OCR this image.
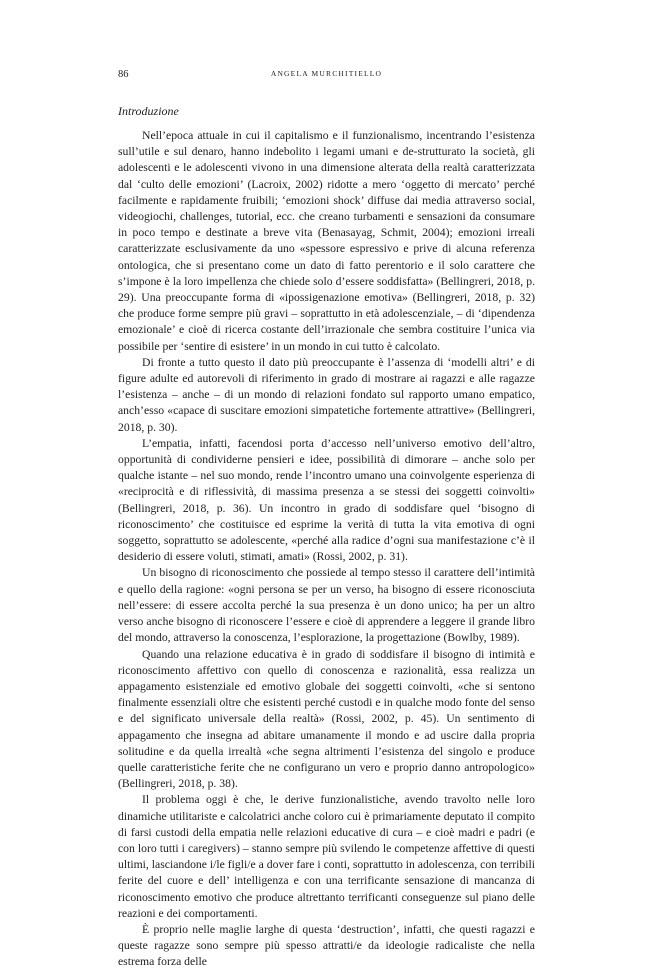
86	ANGELA MURCHITIELLO
Introduzione

Nell’epoca attuale in cui il capitalismo e il funzionalismo, incentrando l’esistenza sull’utile e sul denaro, hanno indebolito i legami umani e de-strutturato la società, gli adolescenti e le adolescenti vivono in una dimensione alterata della realtà caratterizzata dal ‘culto delle emozioni’ (Lacroix, 2002) ridotte a mero ‘oggetto di mercato’ perché facilmente e rapidamente fruibili; ‘emozioni shock’ diffuse dai media attraverso social, videogiochi, challenges, tutorial, ecc. che creano turbamenti e sensazioni da consumare in poco tempo e destinate a breve vita (Benasayag, Schmit, 2004); emozioni irreali caratterizzate esclusivamente da uno «spessore espressivo e prive di alcuna referenza ontologica, che si presentano come un dato di fatto perentorio e il solo carattere che s’impone è la loro impellenza che chiede solo d’essere soddisfatta» (Bellingreri, 2018, p. 29). Una preoccupante forma di «ipossigenazione emotiva» (Bellingreri, 2018, p. 32) che produce forme sempre più gravi – soprattutto in età adolescenziale, – di ‘dipendenza emozionale’ e cioè di ricerca costante dell’irrazionale che sembra costituire l’unica via possibile per ‘sentire di esistere’ in un mondo in cui tutto è calcolato.

Di fronte a tutto questo il dato più preoccupante è l’assenza di ‘modelli altri’ e di figure adulte ed autorevoli di riferimento in grado di mostrare ai ragazzi e alle ragazze l’esistenza – anche – di un mondo di relazioni fondato sul rapporto umano empatico, anch’esso «capace di suscitare emozioni simpatetiche fortemente attrattive» (Bellingreri, 2018, p. 30).

L’empatia, infatti, facendosi porta d’accesso nell’universo emotivo dell’altro, opportunità di condividerne pensieri e idee, possibilità di dimorare – anche solo per qualche istante – nel suo mondo, rende l’incontro umano una coinvolgente esperienza di «reciprocità e di riflessività, di massima presenza a se stessi dei soggetti coinvolti» (Bellingreri, 2018, p. 36). Un incontro in grado di soddisfare quel ‘bisogno di riconoscimento’ che costituisce ed esprime la verità di tutta la vita emotiva di ogni soggetto, soprattutto se adolescente, «perché alla radice d’ogni sua manifestazione c’è il desiderio di essere voluti, stimati, amati» (Rossi, 2002, p. 31).

Un bisogno di riconoscimento che possiede al tempo stesso il carattere dell’intimità e quello della ragione: «ogni persona se per un verso, ha bisogno di essere riconosciuta nell’essere: di essere accolta perché la sua presenza è un dono unico; ha per un altro verso anche bisogno di riconoscere l’essere e cioè di apprendere a leggere il grande libro del mondo, attraverso la conoscenza, l’esplorazione, la progettazione (Bowlby, 1989).

Quando una relazione educativa è in grado di soddisfare il bisogno di intimità e riconoscimento affettivo con quello di conoscenza e razionalità, essa realizza un appagamento esistenziale ed emotivo globale dei soggetti coinvolti, «che si sentono finalmente essenziali oltre che esistenti perché custodi e in qualche modo fonte del senso e del significato universale della realtà» (Rossi, 2002, p. 45). Un sentimento di appagamento che insegna ad abitare umanamente il mondo e ad uscire dalla propria solitudine e da quella irrealtà «che segna altrimenti l’esistenza del singolo e produce quelle caratteristiche ferite che ne configurano un vero e proprio danno antropologico» (Bellingreri, 2018, p. 38).

Il problema oggi è che, le derive funzionalistiche, avendo travolto nelle loro dinamiche utilitariste e calcolatrici anche coloro cui è primariamente deputato il compito di farsi custodi della empatia nelle relazioni educative di cura – e cioè madri e padri (e con loro tutti i caregivers) – stanno sempre più svilendo le competenze affettive di questi ultimi, lasciandone i/le figli/e a dover fare i conti, soprattutto in adolescenza, con terribili ferite del cuore e dell’ intelligenza e con una terrificante sensazione di mancanza di riconoscimento emotivo che produce altrettanto terrificanti conseguenze sul piano delle reazioni e dei comportamenti.

È proprio nelle maglie larghe di questa ‘destruction’, infatti, che questi ragazzi e queste ragazze sono sempre più spesso attratti/e da ideologie radicaliste che nella estrema forza delle
